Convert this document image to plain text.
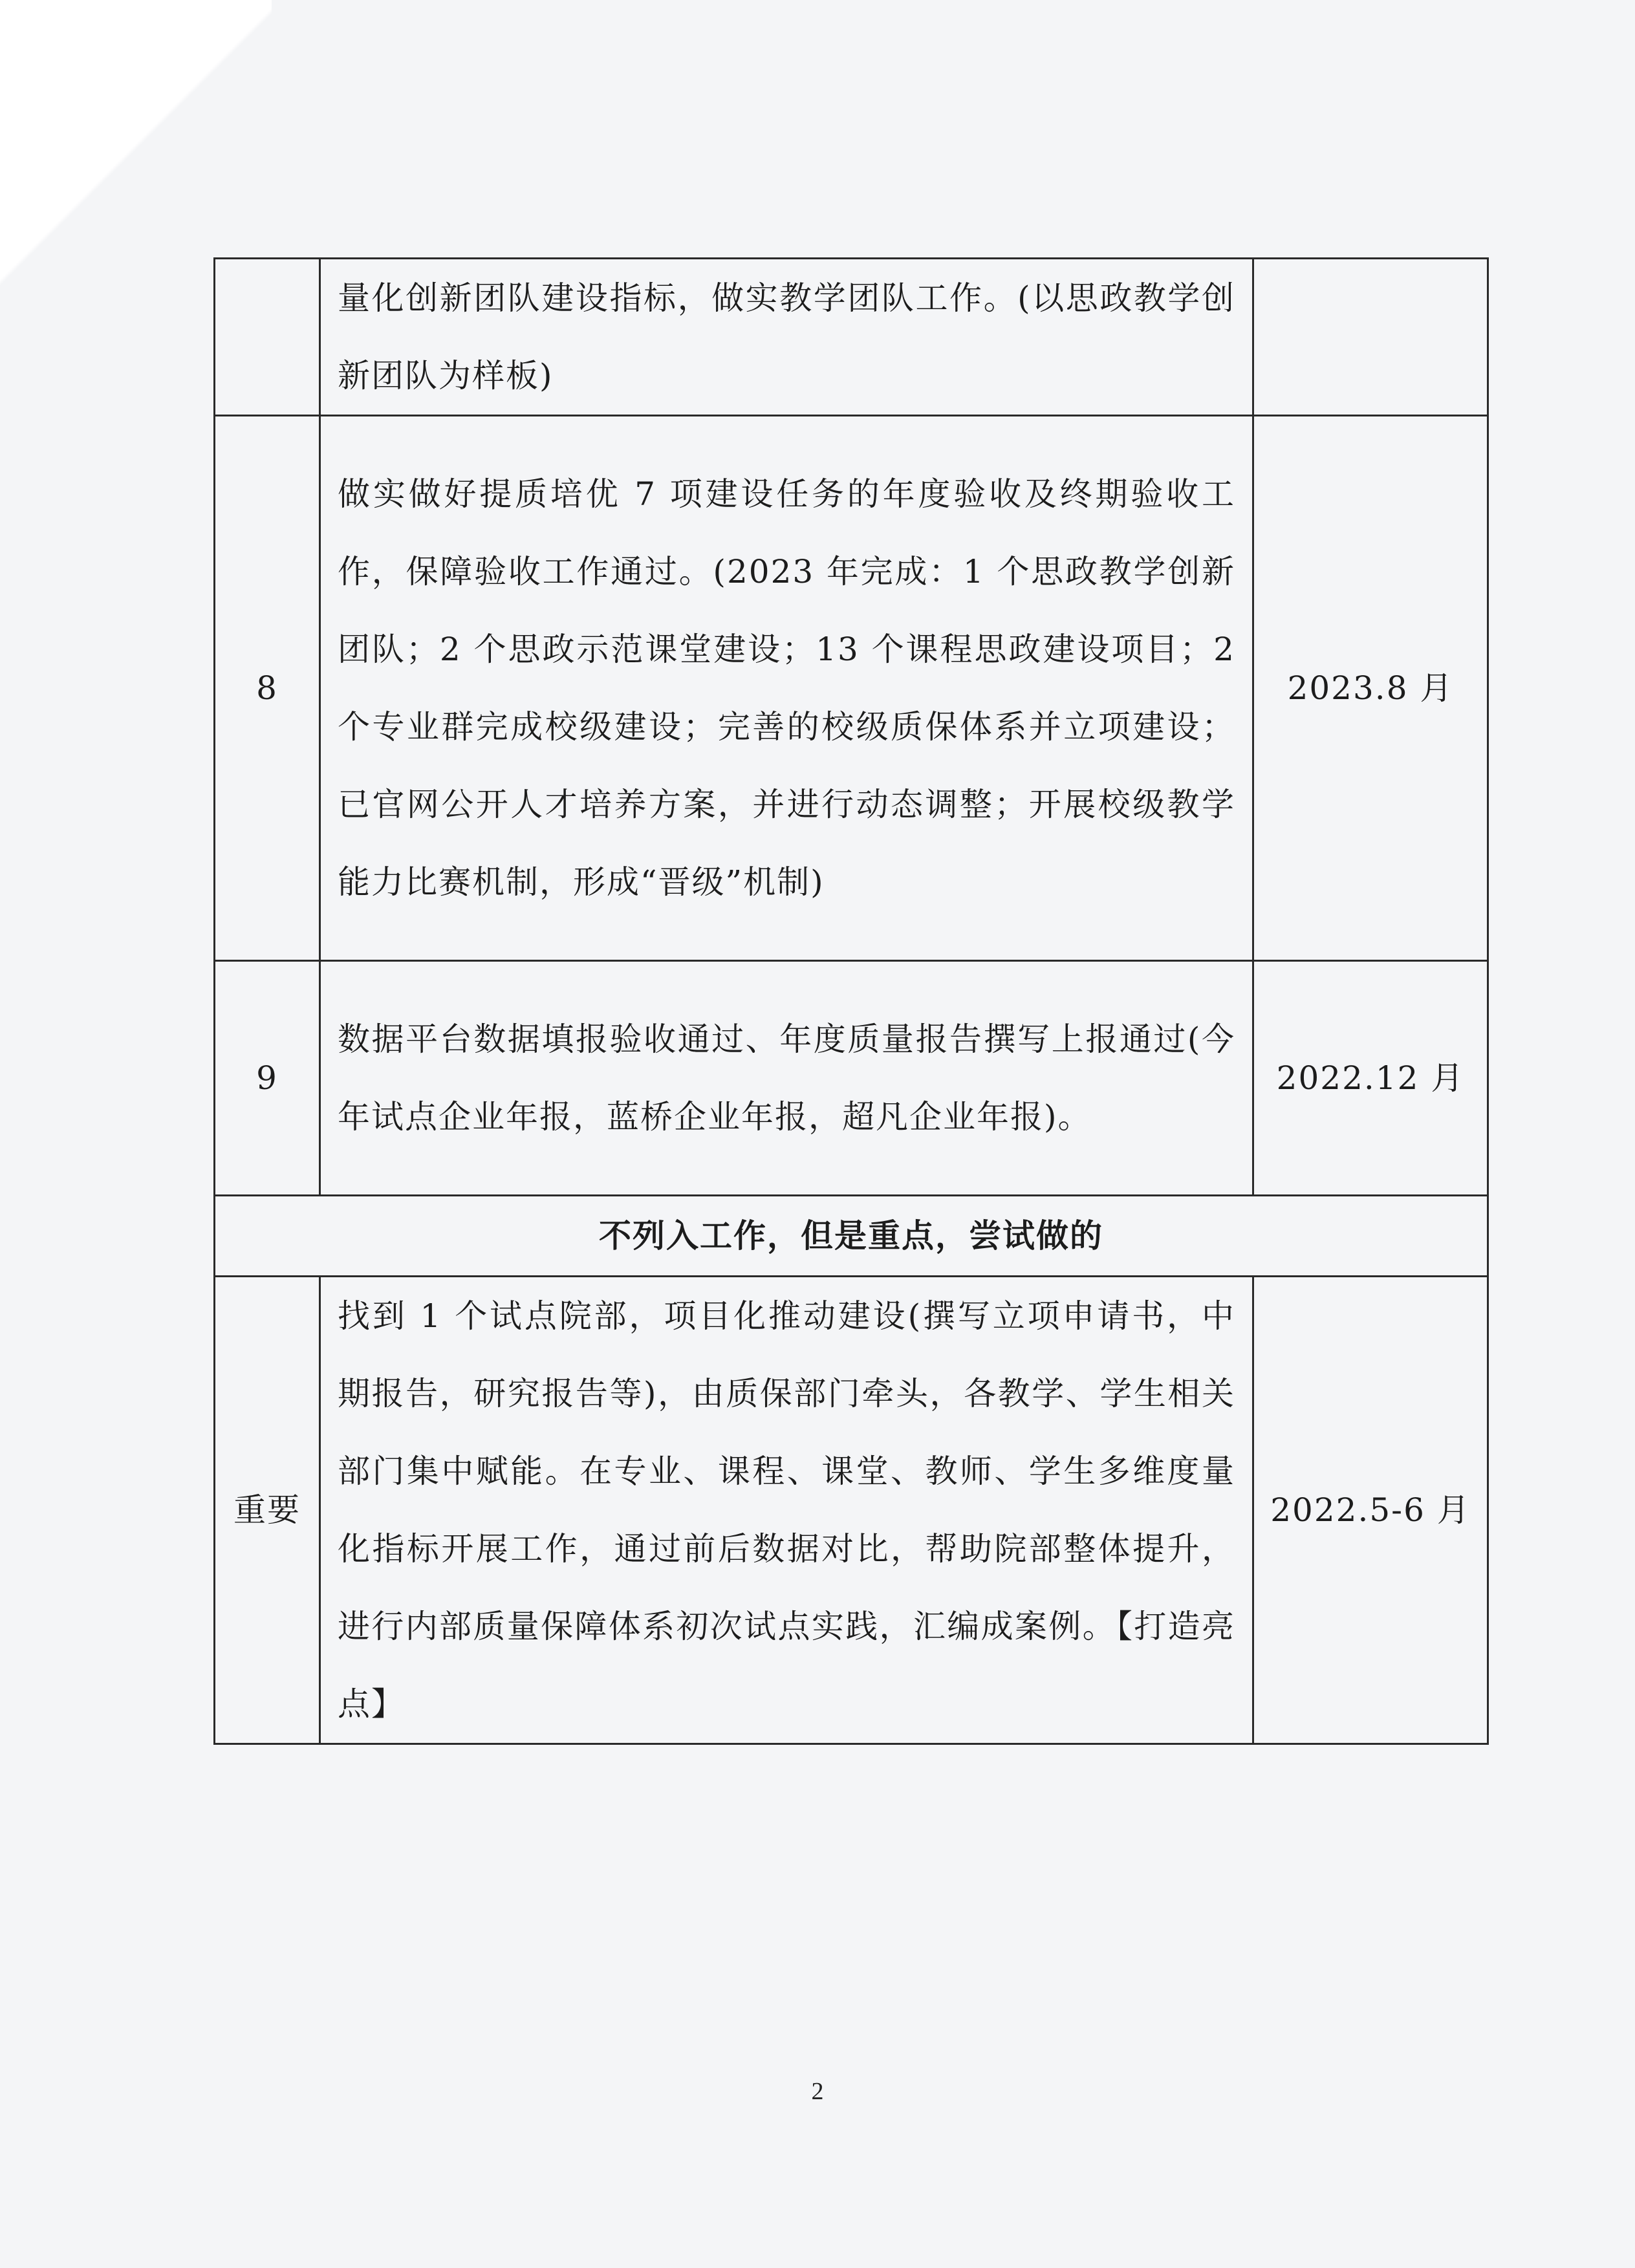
	量化创新团队建设指标，做实教学团队工作。(以思政教学创新团队为样板)	
8	做实做好提质培优 7 项建设任务的年度验收及终期验收工作，保障验收工作通过。(2023 年完成：1 个思政教学创新团队；2 个思政示范课堂建设；13 个课程思政建设项目；2 个专业群完成校级建设；完善的校级质保体系并立项建设；已官网公开人才培养方案，并进行动态调整；开展校级教学能力比赛机制，形成“晋级”机制)	2023.8 月
9	数据平台数据填报验收通过、年度质量报告撰写上报通过(今年试点企业年报，蓝桥企业年报，超凡企业年报)。	2022.12 月
不列入工作，但是重点，尝试做的		
重要	找到 1 个试点院部，项目化推动建设(撰写立项申请书，中期报告，研究报告等)，由质保部门牵头，各教学、学生相关部门集中赋能。在专业、课程、课堂、教师、学生多维度量化指标开展工作，通过前后数据对比，帮助院部整体提升，进行内部质量保障体系初次试点实践，汇编成案例。【打造亮点】	2022.5-6 月
2
